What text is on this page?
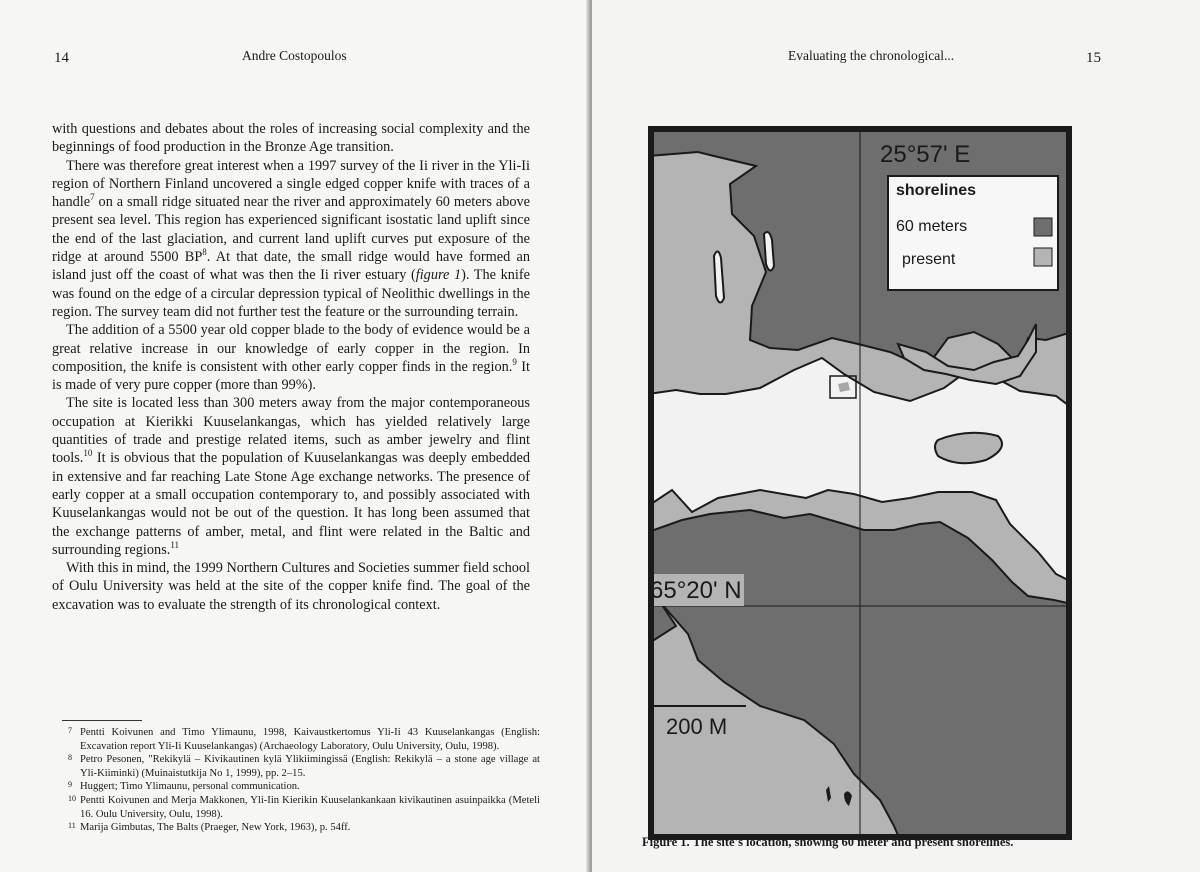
14	Andre Costopoulos

with questions and debates about the roles of increasing social complexity and the beginnings of food production in the Bronze Age transition.

There was therefore great interest when a 1997 survey of the Ii river in the Yli-Ii region of Northern Finland uncovered a single edged copper knife with traces of a handle$^7$ on a small ridge situated near the river and approximately 60 meters above present sea level. This region has experienced significant isostatic land uplift since the end of the last glaciation, and current land uplift curves put exposure of the ridge at around 5500 $BP^8$. At that date, the small ridge would have formed an island just off the coast of what was then the Ii river estuary (figure 1). The knife was found on the edge of a circular depression typical of Neolithic dwellings in the region. The survey team did not further test the feature or the surrounding terrain.

The addition of a 5500 year old copper blade to the body of evidence would be a great relative increase in our knowledge of early copper in the region. In composition, the knife is consistent with other early copper finds in the region.$^9$ It is made of very pure copper (more than 99%).

The site is located less than 300 meters away from the major contemporaneous occupation at Kierikki Kuuselankangas, which has yielded relatively large quantities of trade and prestige related items, such as amber jewelry and flint tools.$^{10}$ It is obvious that the population of Kuuselankangas was deeply embedded in extensive and far reaching Late Stone Age exchange networks. The presence of early copper at a small occupation contemporary to, and possibly associated with Kuuselankangas would not be out of the question. It has long been assumed that the exchange patterns of amber, metal, and flint were related in the Baltic and surrounding regions.$^{11}$

With this in mind, the 1999 Northern Cultures and Societies summer field school of Oulu University was held at the site of the copper knife find. The goal of the excavation was to evaluate the strength of its chronological context.

7 Pentti Koivunen and Timo Ylimaunu, 1998, Kaivaustkertomus Yli-Ii 43 Kuuselankangas (English: Excavation report Yli-Ii Kuuselankangas) (Archaeology Laboratory, Oulu University, Oulu, 1998).
8 Petro Pesonen, "Rekikylä – Kivikautinen kylä Ylikiimingissä (English: Rekikylä – a stone age village at Yli-Kiiminki) (Muinaistutkija No 1, 1999), pp. 2–15.
9 Huggert; Timo Ylimaunu, personal communication.
10 Pentti Koivunen and Merja Makkonen, Yli-Iin Kierikin Kuuselankankaan kivikautinen asuinpaikka (Meteli 16. Oulu University, Oulu, 1998).
11 Marija Gimbutas, The Balts (Praeger, New York, 1963), p. 54ff.
Evaluating the chronological...	15
25°57' E
65°20' N
200 M
shorelines
60 meters
present
Figure 1. The site's location, showing 60 meter and present shorelines.
